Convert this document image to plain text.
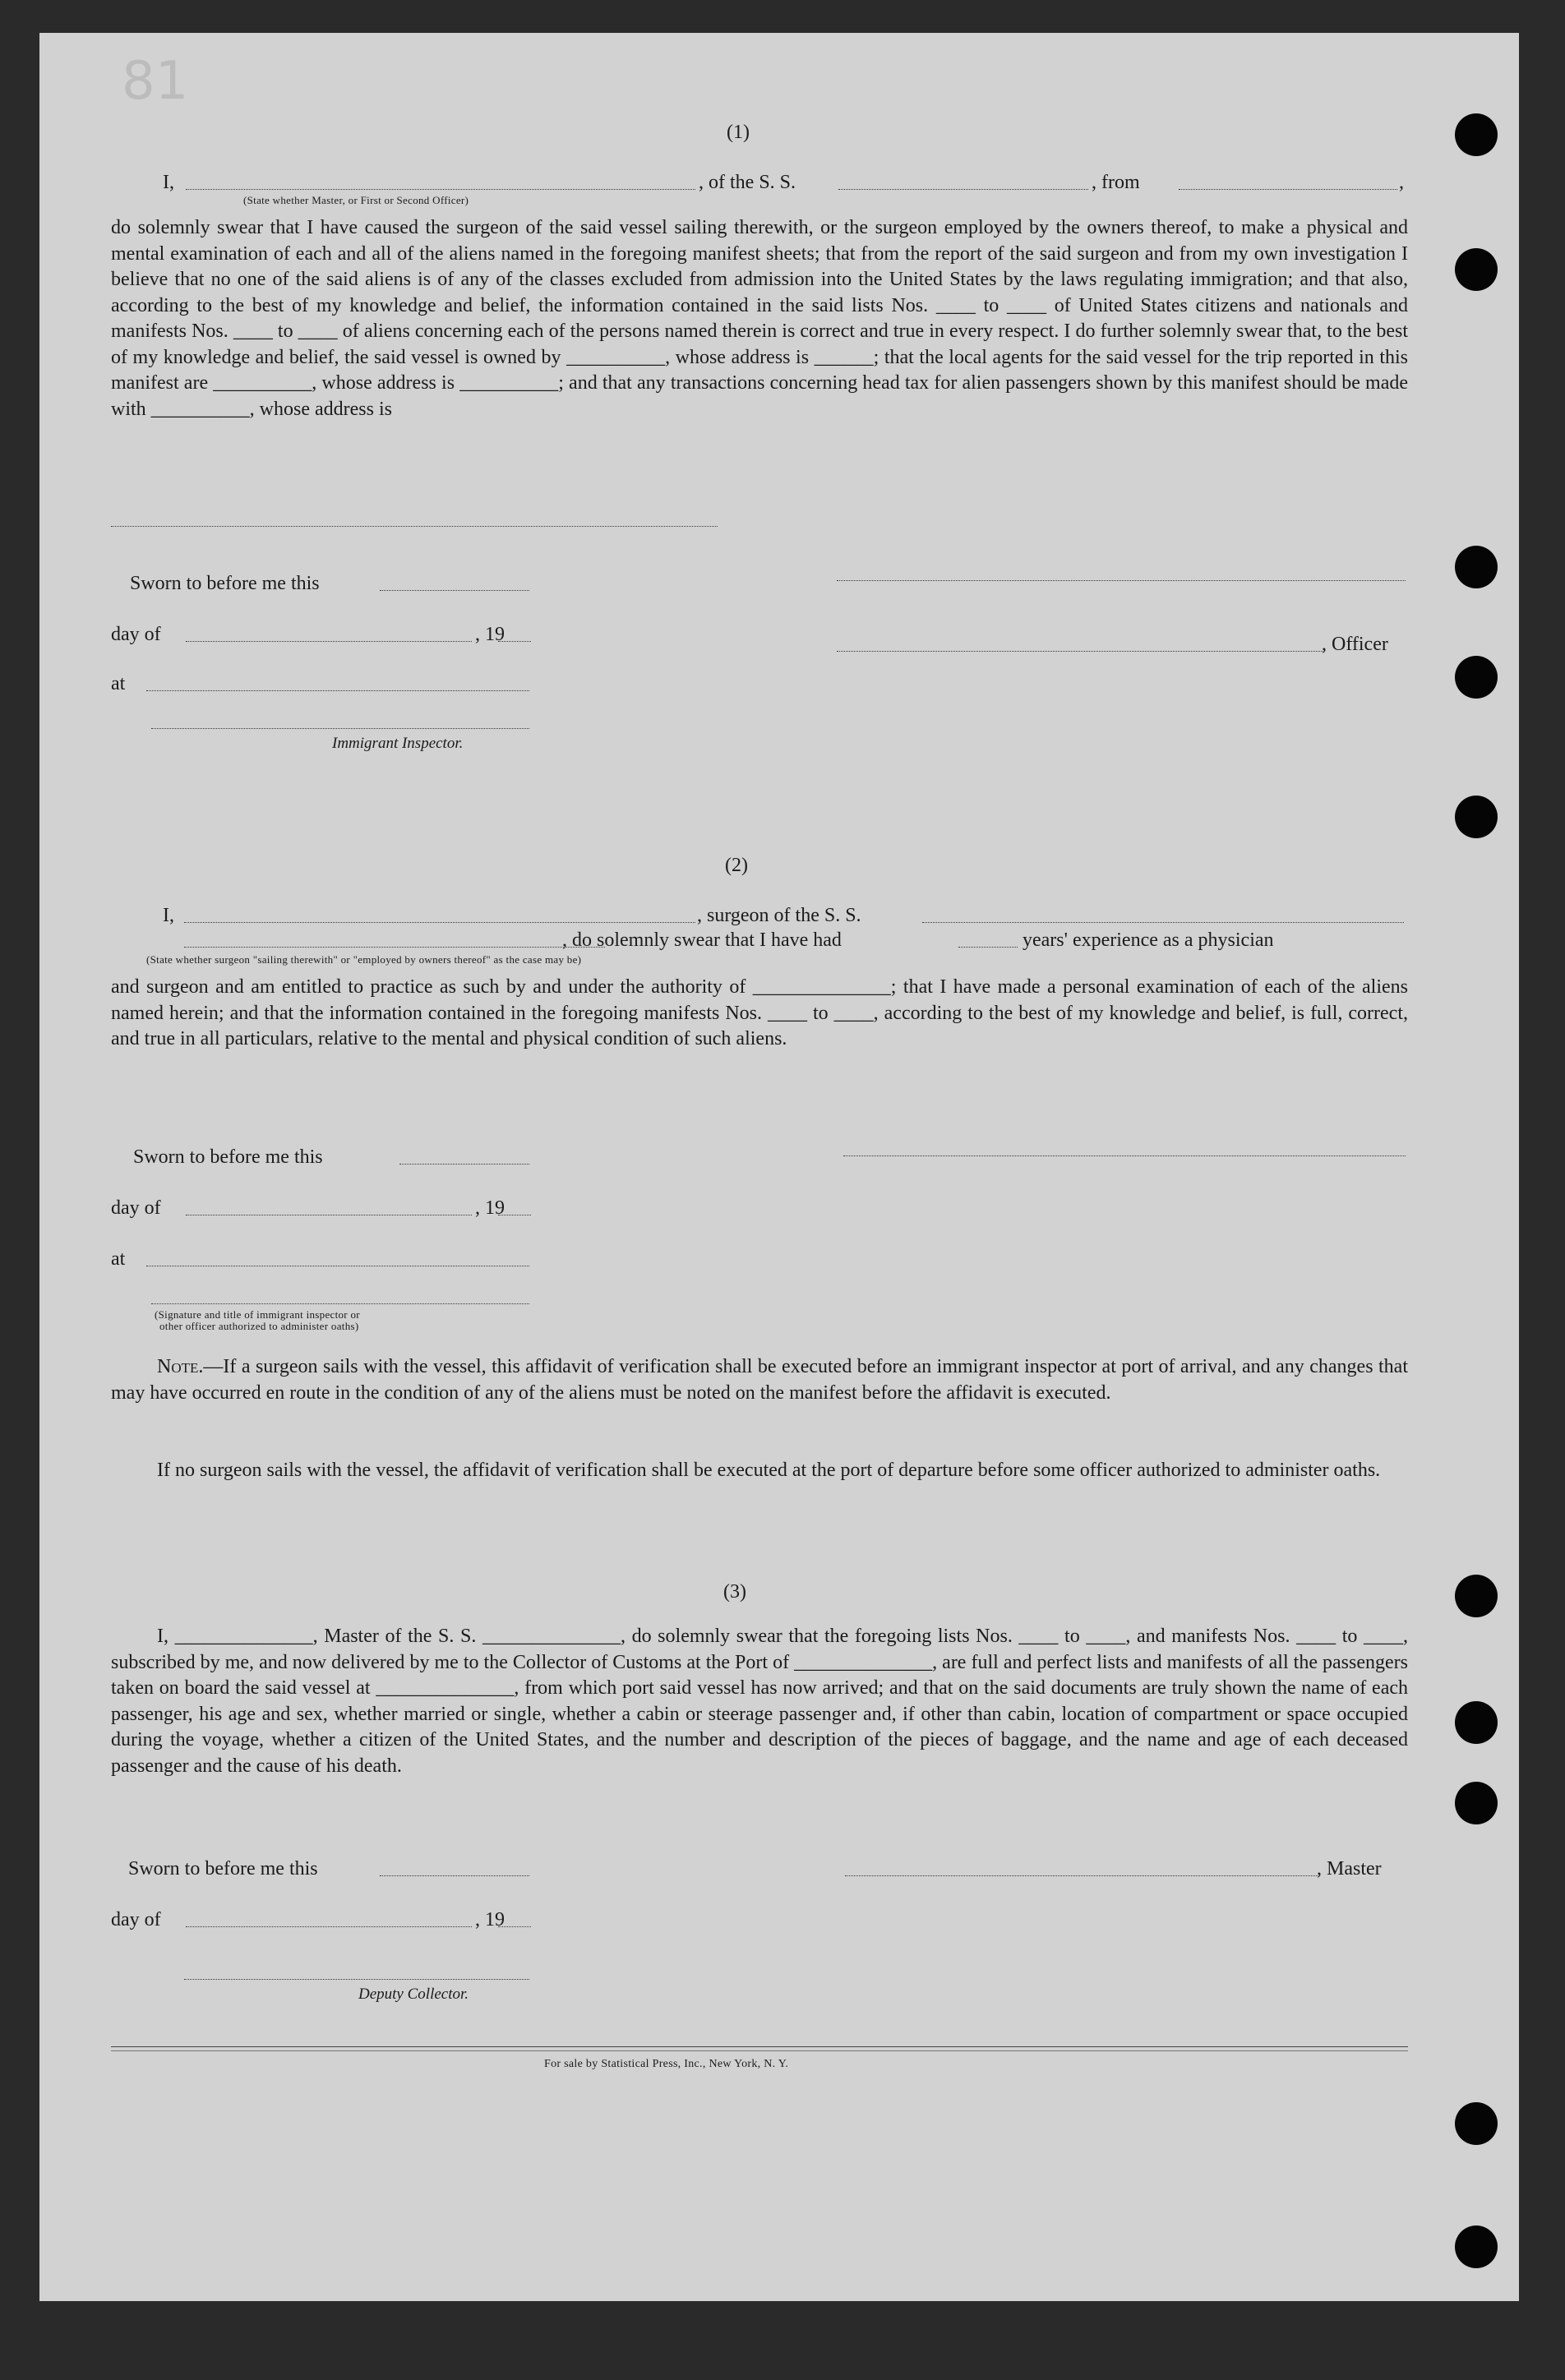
81
(1)
I,	, of the S. S.	, from	,
(State whether Master, or First or Second Officer)
do solemnly swear that I have caused the surgeon of the said vessel sailing therewith, or the surgeon employed by the owners thereof, to make a physical and mental examination of each and all of the aliens named in the foregoing manifest sheets; that from the report of the said surgeon and from my own investigation I believe that no one of the said aliens is of any of the classes excluded from admission into the United States by the laws regulating immigration; and that also, according to the best of my knowledge and belief, the information contained in the said lists Nos. ____ to ____ of United States citizens and nationals and manifests Nos. ____ to ____ of aliens concerning each of the persons named therein is correct and true in every respect. I do further solemnly swear that, to the best of my knowledge and belief, the said vessel is owned by __________, whose address is ______; that the local agents for the said vessel for the trip reported in this manifest are __________, whose address is __________; and that any transactions concerning head tax for alien passengers shown by this manifest should be made with __________, whose address is
Sworn to before me this
day of	, 19	, Officer
at
Immigrant Inspector.
(2)
I,	, surgeon of the S. S.
, do solemnly swear that I have had	years' experience as a physician
(State whether surgeon "sailing therewith" or "employed by owners thereof" as the case may be)
and surgeon and am entitled to practice as such by and under the authority of ______________; that I have made a personal examination of each of the aliens named herein; and that the information contained in the foregoing manifests Nos. ____ to ____, according to the best of my knowledge and belief, is full, correct, and true in all particulars, relative to the mental and physical condition of such aliens.
Sworn to before me this
day of	, 19
at
(Signature and title of immigrant inspector or
other officer authorized to administer oaths)
Note.—If a surgeon sails with the vessel, this affidavit of verification shall be executed before an immigrant inspector at port of arrival, and any changes that may have occurred en route in the condition of any of the aliens must be noted on the manifest before the affidavit is executed.
If no surgeon sails with the vessel, the affidavit of verification shall be executed at the port of departure before some officer authorized to administer oaths.
(3)
I, ______________, Master of the S. S. ______________, do solemnly swear that the foregoing lists Nos. ____ to ____, and manifests Nos. ____ to ____, subscribed by me, and now delivered by me to the Collector of Customs at the Port of ______________, are full and perfect lists and manifests of all the passengers taken on board the said vessel at ______________, from which port said vessel has now arrived; and that on the said documents are truly shown the name of each passenger, his age and sex, whether married or single, whether a cabin or steerage passenger and, if other than cabin, location of compartment or space occupied during the voyage, whether a citizen of the United States, and the number and description of the pieces of baggage, and the name and age of each deceased passenger and the cause of his death.
Sworn to before me this	, Master
day of	, 19
Deputy Collector.
For sale by Statistical Press, Inc., New York, N. Y.
